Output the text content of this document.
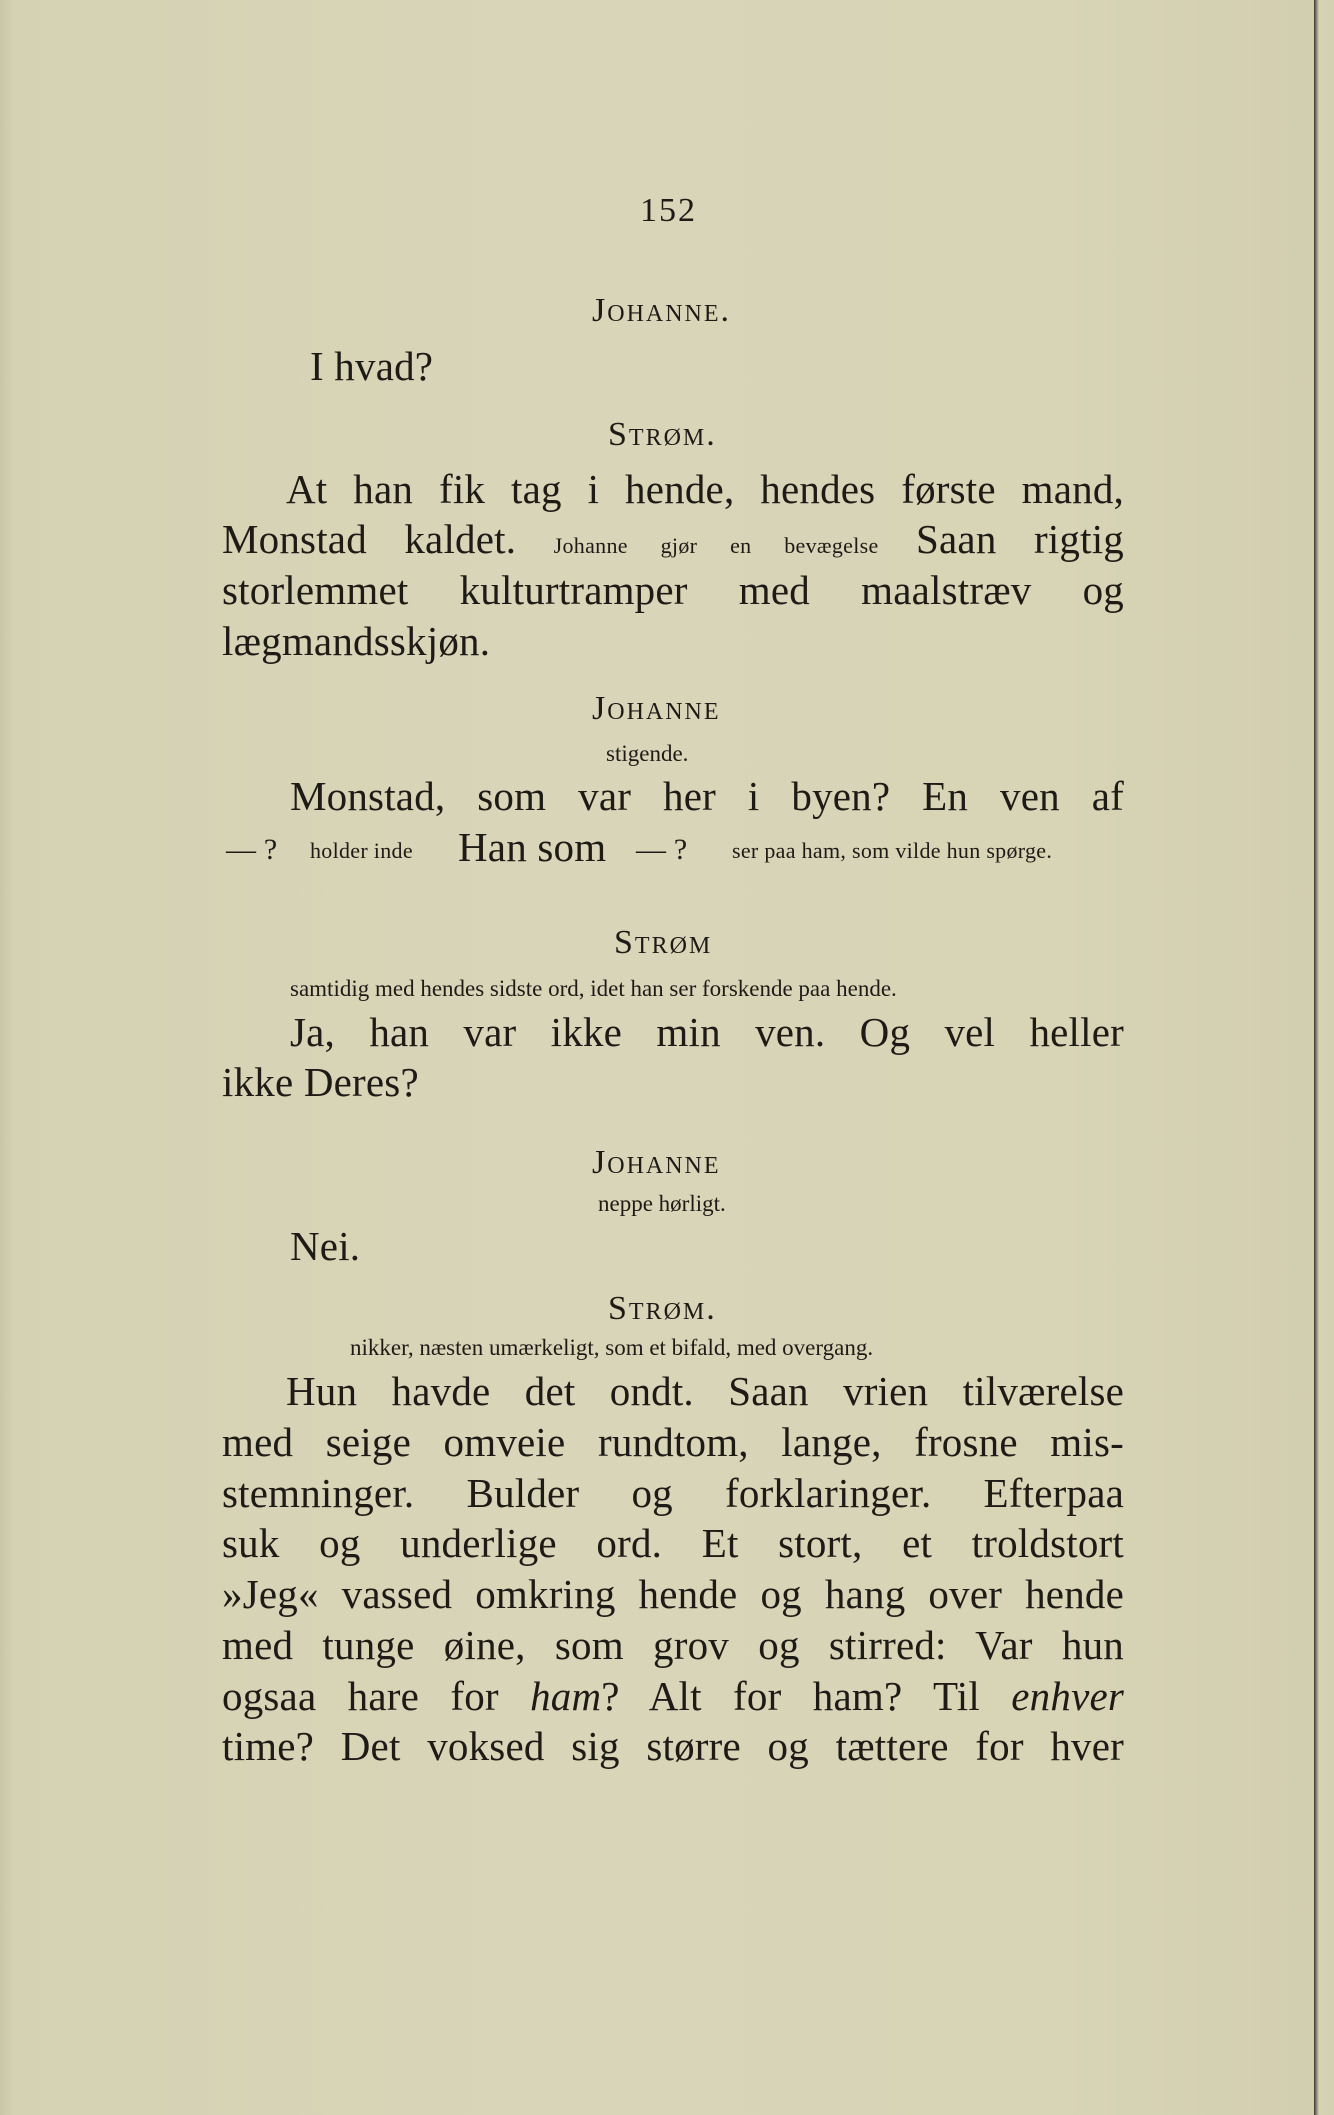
152
Johanne.
I hvad?
Strøm.
At han fik tag i hende, hendes første mand,
Monstad kaldet. Johanne gjør en bevægelse Saan rigtig
storlemmet kulturtramper med maalstræv og
lægmandsskjøn.
Johanne
stigende.
Monstad, som var her i byen? En ven af
— ? holder inde Han som — ? ser paa ham, som vilde hun spørge.
Strøm
samtidig med hendes sidste ord, idet han ser forskende paa hende.
Ja, han var ikke min ven. Og vel heller
ikke Deres?
Johanne
neppe hørligt.
Nei.
Strøm.
nikker, næsten umærkeligt, som et bifald, med overgang.
Hun havde det ondt. Saan vrien tilværelse
med seige omveie rundtom, lange, frosne mis-
stemninger. Bulder og forklaringer. Efterpaa
suk og underlige ord. Et stort, et troldstort
»Jeg« vassed omkring hende og hang over hende
med tunge øine, som grov og stirred: Var hun
ogsaa hare for ham? Alt for ham? Til enhver
time? Det voksed sig større og tættere for hver
